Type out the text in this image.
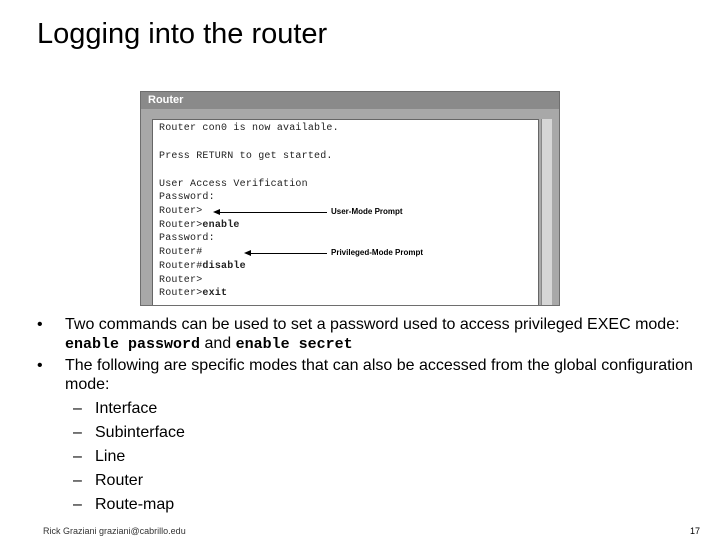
Logging into the router
Router
Router con0 is now available.
Press RETURN to get started.
User Access Verification
Password:
Router>
Router>enable
Password:
Router#
Router#disable
Router>
Router>exit
User-Mode Prompt
Privileged-Mode Prompt
• Two commands can be used to set a password used to access privileged EXEC mode: enable password and enable secret
• The following are specific modes that can also be accessed from the global configuration mode:
– Interface
– Subinterface
– Line
– Router
– Route-map
Rick Graziani graziani@cabrillo.edu	17
